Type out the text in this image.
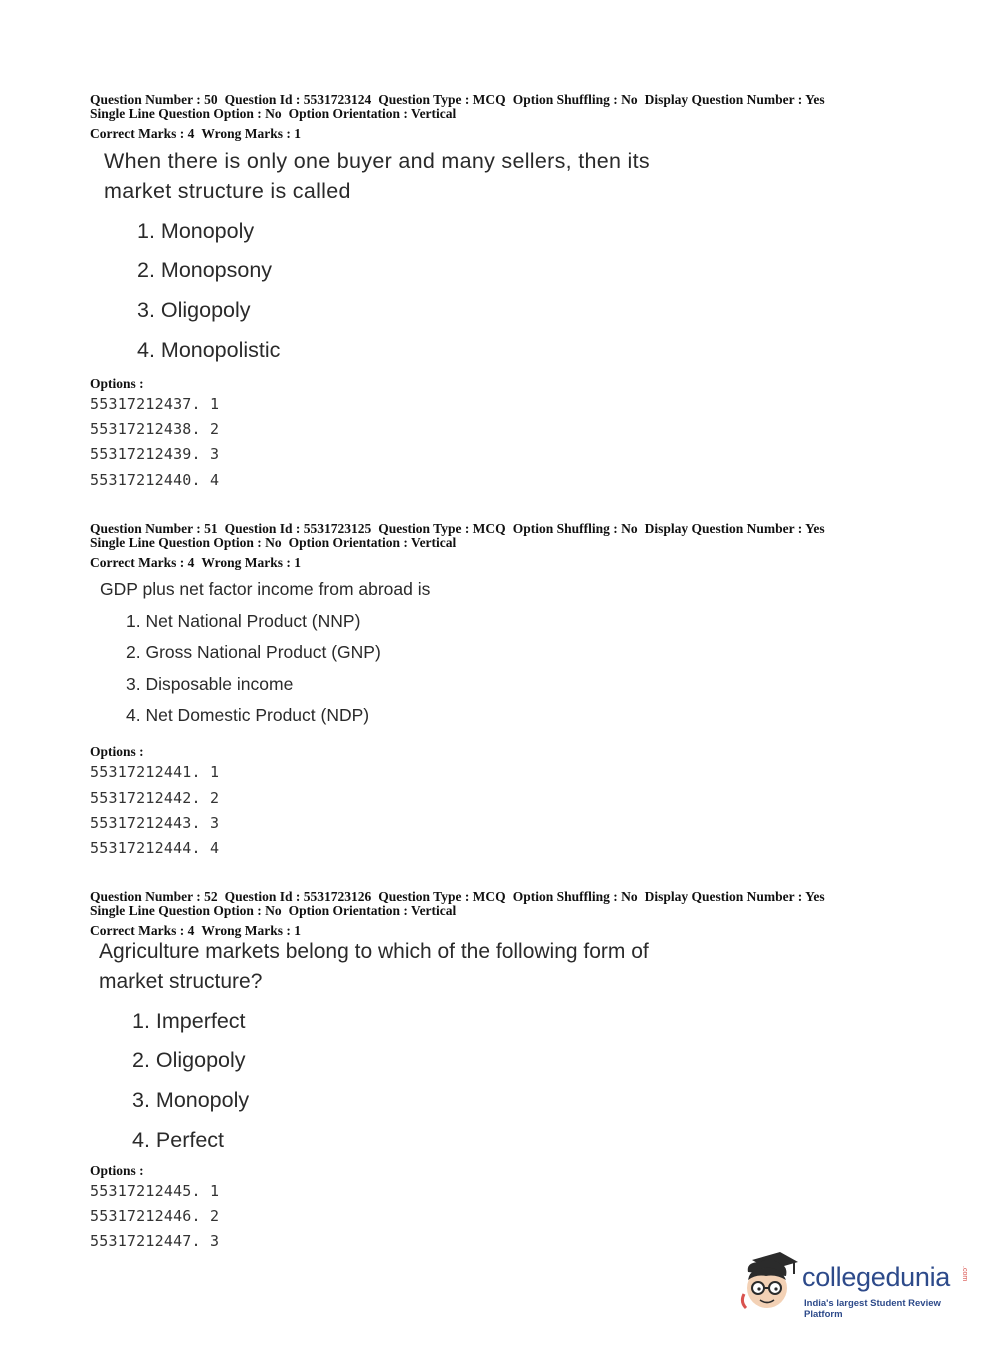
Question Number : 50 Question Id : 5531723124 Question Type : MCQ Option Shuffling : No Display Question Number : Yes
Single Line Question Option : No Option Orientation : Vertical
Correct Marks : 4 Wrong Marks : 1
When there is only one buyer and many sellers, then its
market structure is called
1. Monopoly
2. Monopsony
3. Oligopoly
4. Monopolistic
Options :
55317212437. 1
55317212438. 2
55317212439. 3
55317212440. 4
Question Number : 51 Question Id : 5531723125 Question Type : MCQ Option Shuffling : No Display Question Number : Yes
Single Line Question Option : No Option Orientation : Vertical
Correct Marks : 4 Wrong Marks : 1
GDP plus net factor income from abroad is
1. Net National Product (NNP)
2. Gross National Product (GNP)
3. Disposable income
4. Net Domestic Product (NDP)
Options :
55317212441. 1
55317212442. 2
55317212443. 3
55317212444. 4
Question Number : 52 Question Id : 5531723126 Question Type : MCQ Option Shuffling : No Display Question Number : Yes
Single Line Question Option : No Option Orientation : Vertical
Correct Marks : 4 Wrong Marks : 1
Agriculture markets belong to which of the following form of
market structure?
1. Imperfect
2. Oligopoly
3. Monopoly
4. Perfect
Options :
55317212445. 1
55317212446. 2
55317212447. 3
collegedunia .com
India's largest Student Review Platform
